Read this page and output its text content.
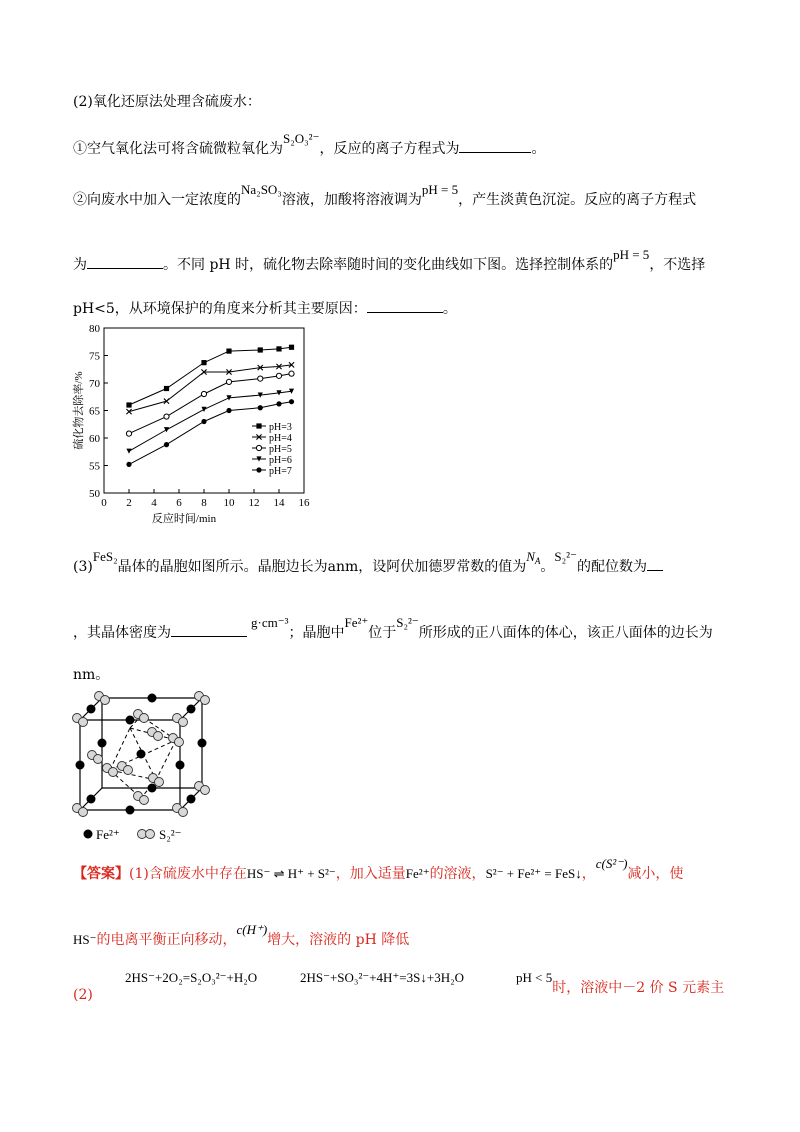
(2)氧化还原法处理含硫废水：
①空气氧化法可将含硫微粒氧化为S₂O₃²⁻，反应的离子方程式为	。
②向废水中加入一定浓度的Na₂SO₃溶液，加酸将溶液调为pH = 5，产生淡黄色沉淀。反应的离子方程式
为	。不同 pH 时，硫化物去除率随时间的变化曲线如下图。选择控制体系的pH = 5，不选择
pH<5，从环境保护的角度来分析其主要原因：	。
0 2 4 6 8 10 12 14 16
50
55
60
65
70
75
80
反应时间/min
硫化物去除率/%	pH=3
pH=4
pH=5
pH=6
pH=7
(3)FeS₂晶体的晶胞如图所示。晶胞边长为anm，设阿伏加德罗常数的值为$N_A$。S₂²⁻的配位数为
，其晶体密度为g·cm⁻³；晶胞中Fe²⁺位于S₂²⁻所形成的正八面体的体心，该正八面体的边长为
nm。
Fe²⁺	S₂²⁻
【答案】(1)含硫废水中存在HS⁻ ⇌ H⁺ + S²⁻，加入适量Fe²⁺的溶液，S²⁻ + Fe²⁺ = FeS↓，c(S²⁻)减小，使
HS⁻的电离平衡正向移动，c(H⁺)增大，溶液的 pH 降低
(2)
2HS⁻+2O₂=S₂O₃²⁻+H₂O	2HS⁻+SO₃²⁻+4H⁺=3S↓+3H₂O	pH < 5时，溶液中－2 价 S 元素主
